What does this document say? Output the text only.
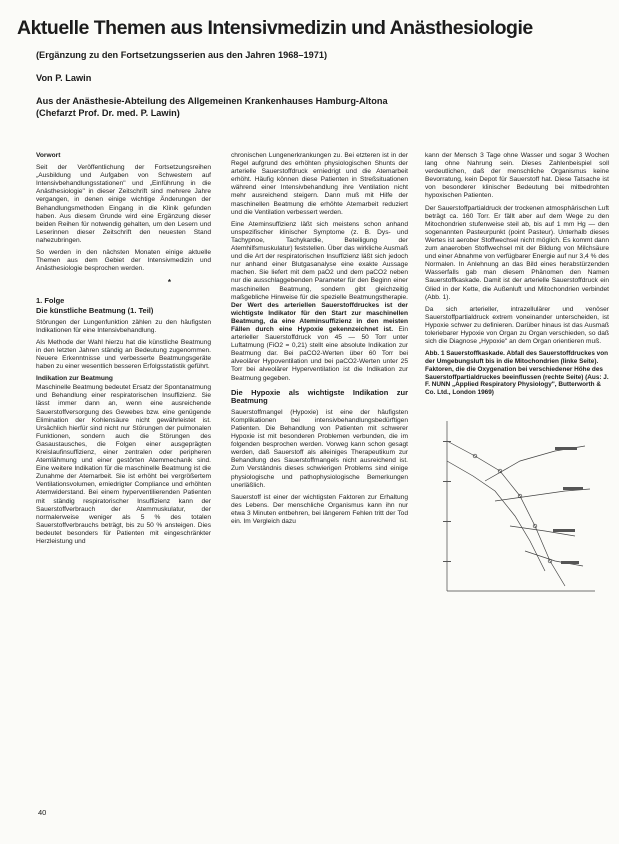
Aktuelle Themen aus Intensivmedizin und Anästhesiologie
(Ergänzung zu den Fortsetzungsserien aus den Jahren 1968–1971)
Von P. Lawin
Aus der Anästhesie-Abteilung des Allgemeinen Krankenhauses Hamburg-Altona
(Chefarzt Prof. Dr. med. P. Lawin)

Vorwort

Seit der Veröffentlichung der Fortsetzungsreihen „Ausbildung und Aufgaben von Schwestern auf Intensivbehandlungsstationen" und „Einführung in die Anästhesiologie" in dieser Zeitschrift sind mehrere Jahre vergangen, in denen einige wichtige Änderungen der Behandlungsmethoden Eingang in die Klinik gefunden haben. Aus diesem Grunde wird eine Ergänzung dieser beiden Reihen für notwendig gehalten, um den Lesern und Leserinnen dieser Zeitschrift den neuesten Stand nahezubringen.

So werden in den nächsten Monaten einige aktuelle Themen aus dem Gebiet der Intensivmedizin und Anästhesiologie besprochen werden.

*

1. Folge

Die künstliche Beatmung (1. Teil)

Störungen der Lungenfunktion zählen zu den häufigsten Indikationen für eine Intensivbehandlung.

Als Methode der Wahl hierzu hat die künstliche Beatmung in den letzten Jahren ständig an Bedeutung zugenommen. Neuere Erkenntnisse und verbesserte Beatmungsgeräte haben zu einer wesentlich besseren Erfolgsstatistik geführt.

Indikation zur Beatmung

Maschinelle Beatmung bedeutet Ersatz der Spontanatmung und Behandlung einer respiratorischen Insuffizienz. Sie lässt immer dann an, wenn eine ausreichende Sauerstoffversorgung des Gewebes bzw. eine genügende Elimination der Kohlensäure nicht gewährleistet ist. Ursächlich hierfür sind nicht nur Störungen der pulmonalen Funktionen, sondern auch die Störungen des Gasaustausches, die Folgen einer ausgeprägten Kreislaufinsuffizienz, einer zentralen oder peripheren Atemlähmung und einer gestörten Atemmechanik sind. Eine weitere Indikation für die maschinelle Beatmung ist die Zunahme der Atemarbeit. Sie ist erhöht bei vergrößertem Ventilationsvolumen, erniedrigter Compliance und erhöhten Atemwiderstand. Bei einem hyperventilierenden Patienten mit ständig respiratorischer Insuffizienz kann der Sauerstoffverbrauch der Atemmuskulatur, der normalerweise weniger als 5 % des totalen Sauerstoffverbrauchs beträgt, bis zu 50 % ansteigen. Dies bedeutet besonders für Patienten mit eingeschränkter Herzleistung und

chronischen Lungenerkrankungen zu. Bei etzteren ist in der Regel aufgrund des erhöhten physiologischen Shunts der arterielle Sauerstoffdruck erniedrigt und die Atemarbeit erhöht. Häufig können diese Patienten in Streßsituationen während einer Intensivbehandlung ihre Ventilation nicht mehr ausreichend steigern. Dann muß mit Hilfe der maschinellen Beatmung die erhöhte Atemarbeit reduziert und die Ventilation verbessert werden.

Eine Ateminsuffizienz läßt sich meistens schon anhand unspezifischer klinischer Symptome (z. B. Dys- und Tachypnoe, Tachykardie, Beteiligung der Atemhilfsmuskulatur) feststellen. Über das wirkliche Ausmaß und die Art der respiratorischen Insuffizienz läßt sich jedoch nur anhand einer Blutgasanalyse eine exakte Aussage machen. Sie liefert mit dem paO2 und dem paCO2 neben nur die ausschlaggebenden Parameter für den Beginn einer maschinellen Beatmung, sondern gibt gleichzeitig maßgebliche Hinweise für die spezielle Beatmungstherapie. Der Wert des arteriellen Sauerstoffdruckes ist der wichtigste Indikator für den Start zur maschinellen Beatmung, da eine Ateminsuffizienz in den meisten Fällen durch eine Hypoxie gekennzeichnet ist. Ein arterieller Sauerstoffdruck von 45 — 50 Torr unter Luftatmung (FiO2 = 0,21) stellt eine absolute Indikation zur Beatmung dar. Bei paCO2-Werten über 60 Torr bei alveolärer Hypoventilation und bei paCO2-Werten unter 25 Torr bei alveolärer Hyperventilation ist die Indikation zur Beatmung gegeben.

Die Hypoxie als wichtigste Indikation zur Beatmung

Sauerstoffmangel (Hypoxie) ist eine der häufigsten Komplikationen bei intensivbehandlungsbedürftigen Patienten. Die Behandlung von Patienten mit schwerer Hypoxie ist mit besonderen Problemen verbunden, die im folgenden besprochen werden. Vorweg kann schon gesagt werden, daß Sauerstoff als alleiniges Therapeutikum zur Behandlung des Sauerstoffmangels nicht ausreichend ist. Zum Verständnis dieses schwierigen Problems sind einige physiologische und pathophysiologische Bemerkungen unerläßlich.

Sauerstoff ist einer der wichtigsten Faktoren zur Erhaltung des Lebens. Der menschliche Organismus kann ihn nur etwa 3 Minuten entbehren, bei längerem Fehlen tritt der Tod ein. Im Vergleich dazu

kann der Mensch 3 Tage ohne Wasser und sogar 3 Wochen lang ohne Nahrung sein. Dieses Zahlenbeispiel soll verdeutlichen, daß der menschliche Organismus keine Bevorratung, kein Depot für Sauerstoff hat. Diese Tatsache ist von besonderer klinischer Bedeutung bei mitbedrohten hypoxischen Patienten.

Der Sauerstoffpartialdruck der trockenen atmosphärischen Luft beträgt ca. 160 Torr. Er fällt aber auf dem Wege zu den Mitochondrien stufenweise steil ab, bis auf 1 mm Hg — den sogenannten Pasteurpunkt (point Pasteur). Unterhalb dieses Wertes ist aerober Stoffwechsel nicht möglich. Es kommt dann zum anaeroben Stoffwechsel mit der Bildung von Milchsäure und einer Abnahme von verfügbarer Energie auf nur 3,4 % des Normalen. In Anlehnung an das Bild eines herabstürzenden Wasserfalls gab man diesem Phänomen den Namen Sauerstoffkaskade. Damit ist der arterielle Sauerstoffdruck ein Glied in der Kette, die Außenluft und Mitochondrien verbindet (Abb. 1).

Da sich arterieller, intrazellulärer und venöser Sauerstoffpartialdruck extrem voneinander unterscheiden, ist Hypoxie schwer zu definieren. Darüber hinaus ist das Ausmaß toleriebarer Hypoxie von Organ zu Organ verschieden, so daß sich die Diagnose „Hypoxie" an dem Organ orientieren muß.

Abb. 1 Sauerstoffkaskade. Abfall des Sauerstoffdruckes von der Umgebungsluft bis in die Mitochondrien (linke Seite). Faktoren, die die Oxygenation bei verschiedener Höhe des Sauerstoffpartialdruckes beeinflussen (rechte Seite) (Aus: J. F. NUNN „Applied Respiratory Physiology", Butterworth & Co. Ltd., London 1969)
40
